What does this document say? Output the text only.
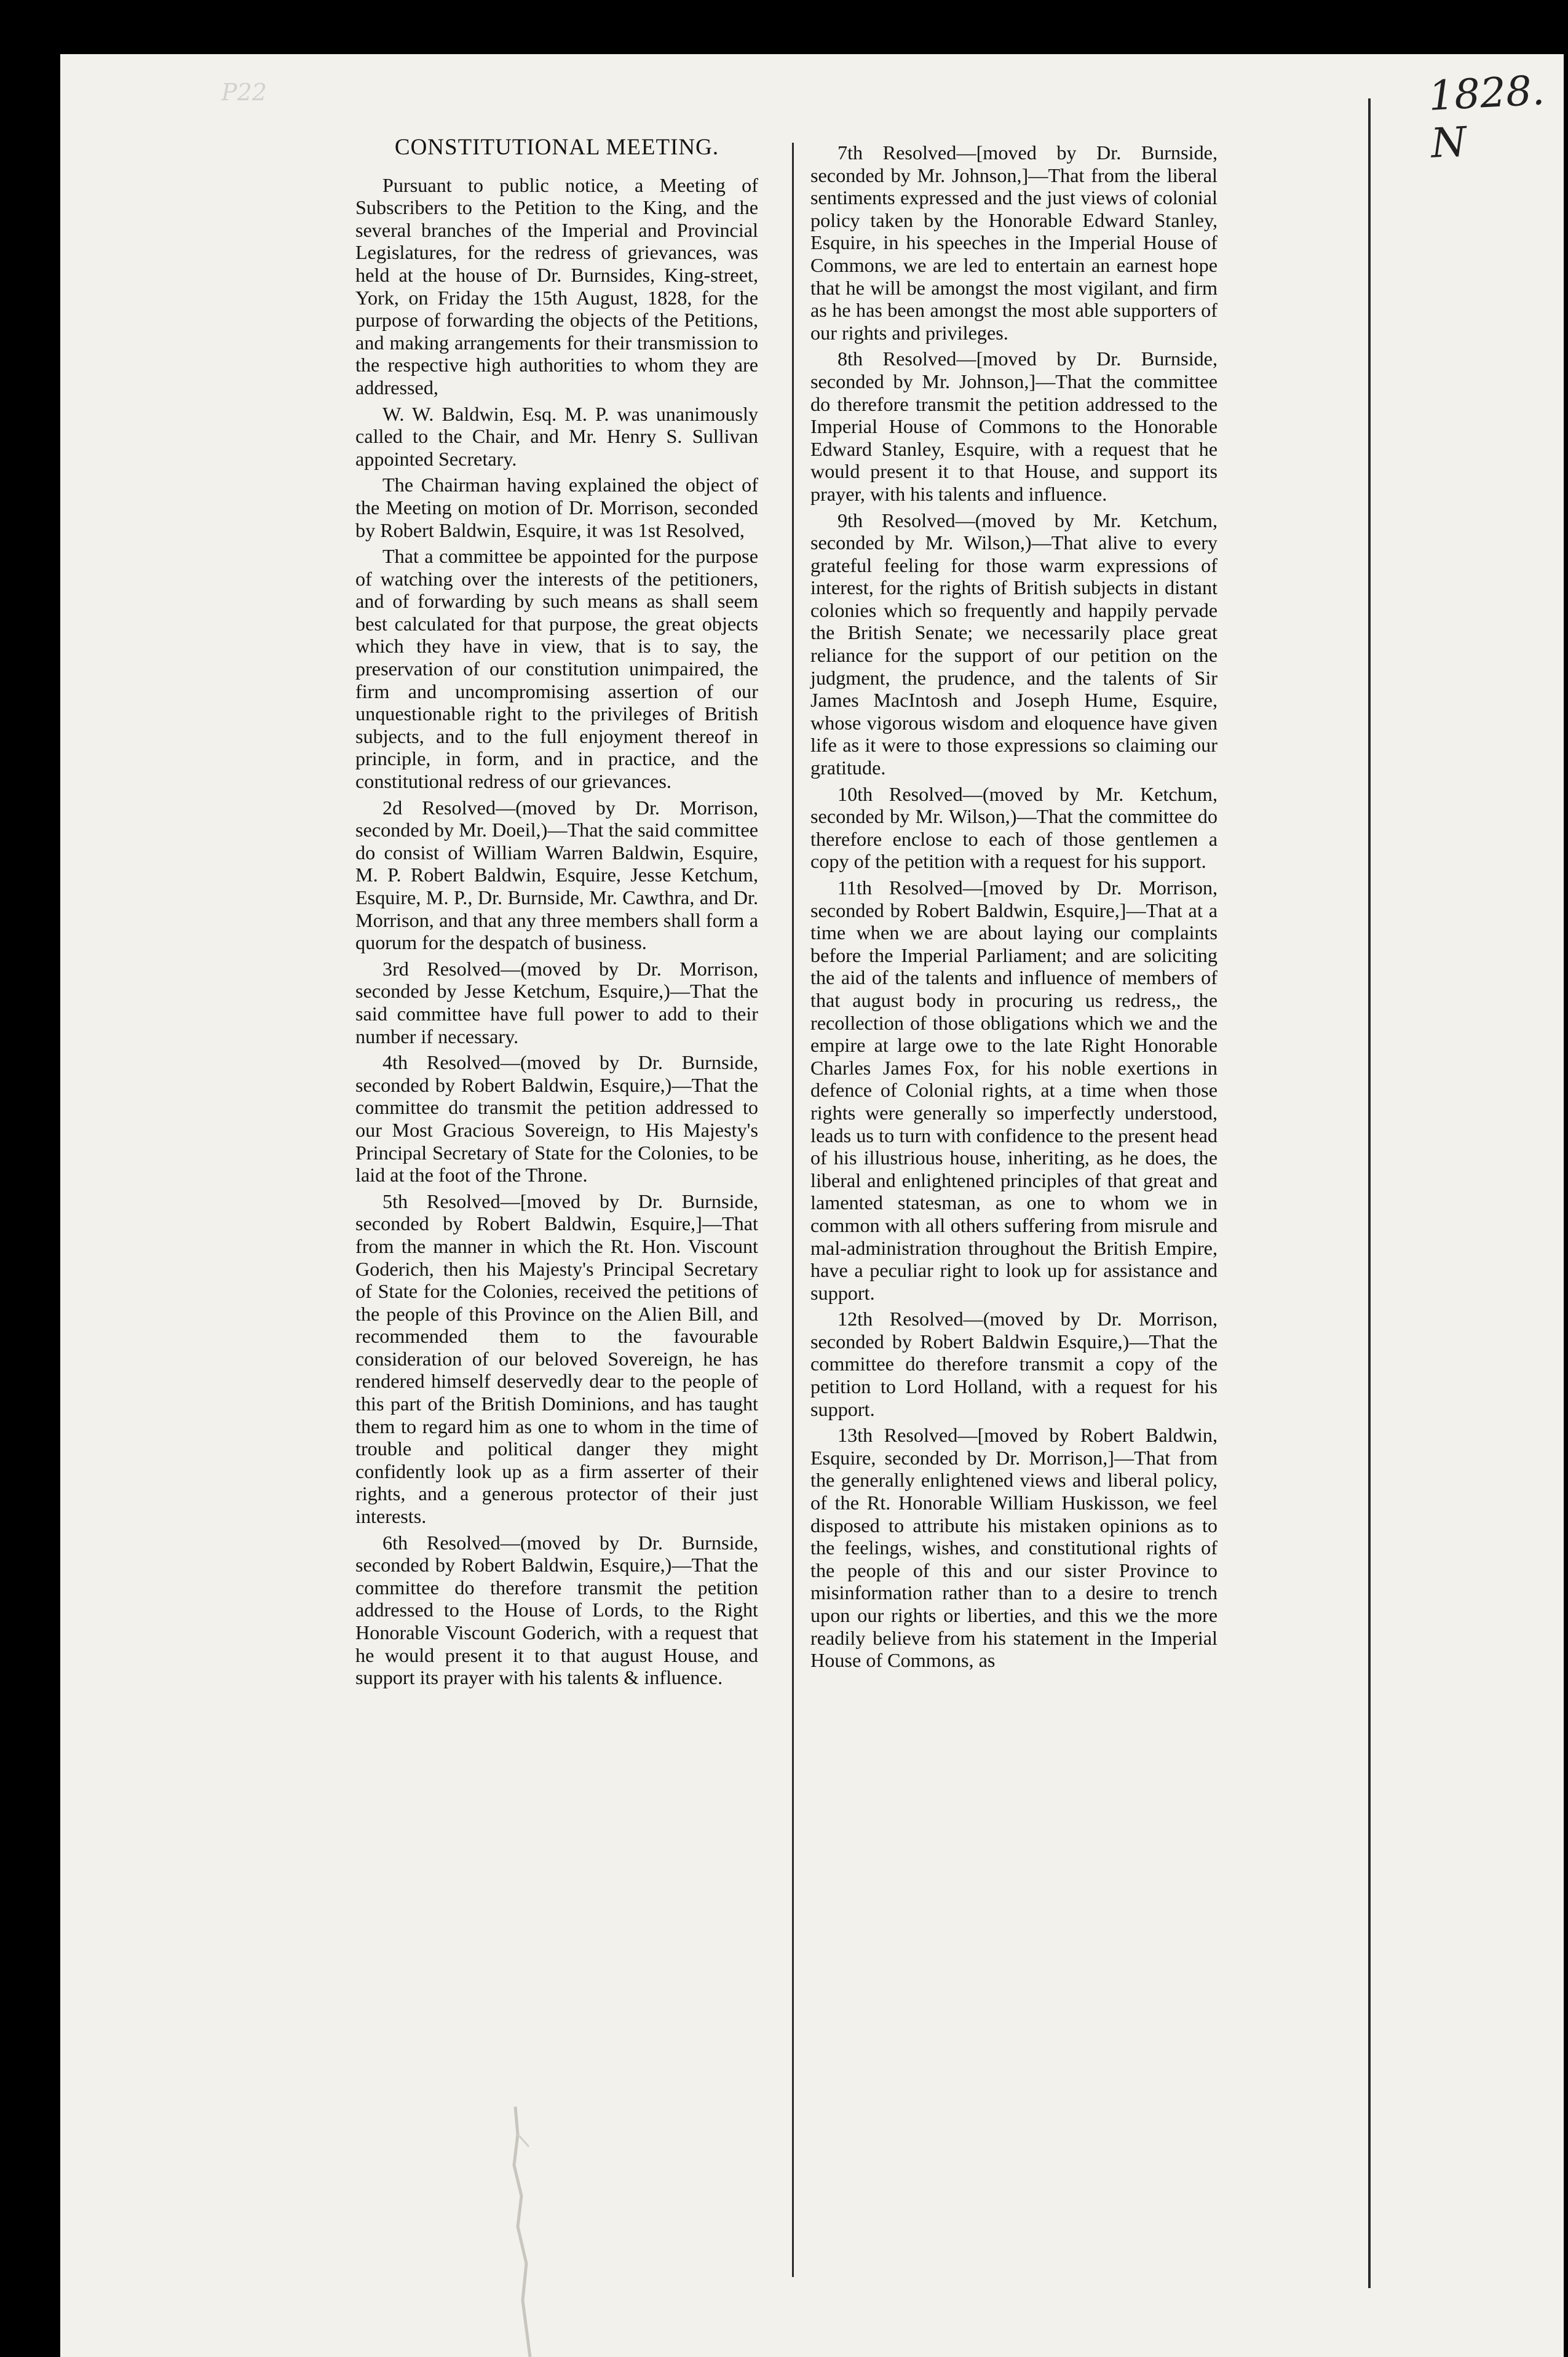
1828. N
P22
CONSTITUTIONAL MEETING.

Pursuant to public notice, a Meeting of Subscribers to the Petition to the King, and the several branches of the Imperial and Provincial Legislatures, for the redress of grievances, was held at the house of Dr. Burnsides, King-street, York, on Friday the 15th August, 1828, for the purpose of forwarding the objects of the Petitions, and making arrangements for their transmission to the respective high authorities to whom they are addressed,

W. W. Baldwin, Esq. M. P. was unanimously called to the Chair, and Mr. Henry S. Sullivan appointed Secretary.

The Chairman having explained the object of the Meeting on motion of Dr. Morrison, seconded by Robert Baldwin, Esquire, it was 1st Resolved,

That a committee be appointed for the purpose of watching over the interests of the petitioners, and of forwarding by such means as shall seem best calculated for that purpose, the great objects which they have in view, that is to say, the preservation of our constitution unimpaired, the firm and uncompromising assertion of our unquestionable right to the privileges of British subjects, and to the full enjoyment thereof in principle, in form, and in practice, and the constitutional redress of our grievances.

2d Resolved—(moved by Dr. Morrison, seconded by Mr. Doeil,)—That the said committee do consist of William Warren Baldwin, Esquire, M. P. Robert Baldwin, Esquire, Jesse Ketchum, Esquire, M. P., Dr. Burnside, Mr. Cawthra, and Dr. Morrison, and that any three members shall form a quorum for the despatch of business.

3rd Resolved—(moved by Dr. Morrison, seconded by Jesse Ketchum, Esquire,)—That the said committee have full power to add to their number if necessary.

4th Resolved—(moved by Dr. Burnside, seconded by Robert Baldwin, Esquire,)—That the committee do transmit the petition addressed to our Most Gracious Sovereign, to His Majesty's Principal Secretary of State for the Colonies, to be laid at the foot of the Throne.

5th Resolved—[moved by Dr. Burnside, seconded by Robert Baldwin, Esquire,]—That from the manner in which the Rt. Hon. Viscount Goderich, then his Majesty's Principal Secretary of State for the Colonies, received the petitions of the people of this Province on the Alien Bill, and recommended them to the favourable consideration of our beloved Sovereign, he has rendered himself deservedly dear to the people of this part of the British Dominions, and has taught them to regard him as one to whom in the time of trouble and political danger they might confidently look up as a firm asserter of their rights, and a generous protector of their just interests.

6th Resolved—(moved by Dr. Burnside, seconded by Robert Baldwin, Esquire,)—That the committee do therefore transmit the petition addressed to the House of Lords, to the Right Honorable Viscount Goderich, with a request that he would present it to that august House, and support its prayer with his talents & influence.

7th Resolved—[moved by Dr. Burnside, seconded by Mr. Johnson,]—That from the liberal sentiments expressed and the just views of colonial policy taken by the Honorable Edward Stanley, Esquire, in his speeches in the Imperial House of Commons, we are led to entertain an earnest hope that he will be amongst the most vigilant, and firm as he has been amongst the most able supporters of our rights and privileges.

8th Resolved—[moved by Dr. Burnside, seconded by Mr. Johnson,]—That the committee do therefore transmit the petition addressed to the Imperial House of Commons to the Honorable Edward Stanley, Esquire, with a request that he would present it to that House, and support its prayer, with his talents and influence.

9th Resolved—(moved by Mr. Ketchum, seconded by Mr. Wilson,)—That alive to every grateful feeling for those warm expressions of interest, for the rights of British subjects in distant colonies which so frequently and happily pervade the British Senate; we necessarily place great reliance for the support of our petition on the judgment, the prudence, and the talents of Sir James MacIntosh and Joseph Hume, Esquire, whose vigorous wisdom and eloquence have given life as it were to those expressions so claiming our gratitude.

10th Resolved—(moved by Mr. Ketchum, seconded by Mr. Wilson,)—That the committee do therefore enclose to each of those gentlemen a copy of the petition with a request for his support.

11th Resolved—[moved by Dr. Morrison, seconded by Robert Baldwin, Esquire,]—That at a time when we are about laying our complaints before the Imperial Parliament; and are soliciting the aid of the talents and influence of members of that august body in procuring us redress,, the recollection of those obligations which we and the empire at large owe to the late Right Honorable Charles James Fox, for his noble exertions in defence of Colonial rights, at a time when those rights were generally so imperfectly understood, leads us to turn with confidence to the present head of his illustrious house, inheriting, as he does, the liberal and enlightened principles of that great and lamented statesman, as one to whom we in common with all others suffering from misrule and mal-administration throughout the British Empire, have a peculiar right to look up for assistance and support.

12th Resolved—(moved by Dr. Morrison, seconded by Robert Baldwin Esquire,)—That the committee do therefore transmit a copy of the petition to Lord Holland, with a request for his support.

13th Resolved—[moved by Robert Baldwin, Esquire, seconded by Dr. Morrison,]—That from the generally enlightened views and liberal policy, of the Rt. Honorable William Huskisson, we feel disposed to attribute his mistaken opinions as to the feelings, wishes, and constitutional rights of the people of this and our sister Province to misinformation rather than to a desire to trench upon our rights or liberties, and this we the more readily believe from his statement in the Imperial House of Commons, as
